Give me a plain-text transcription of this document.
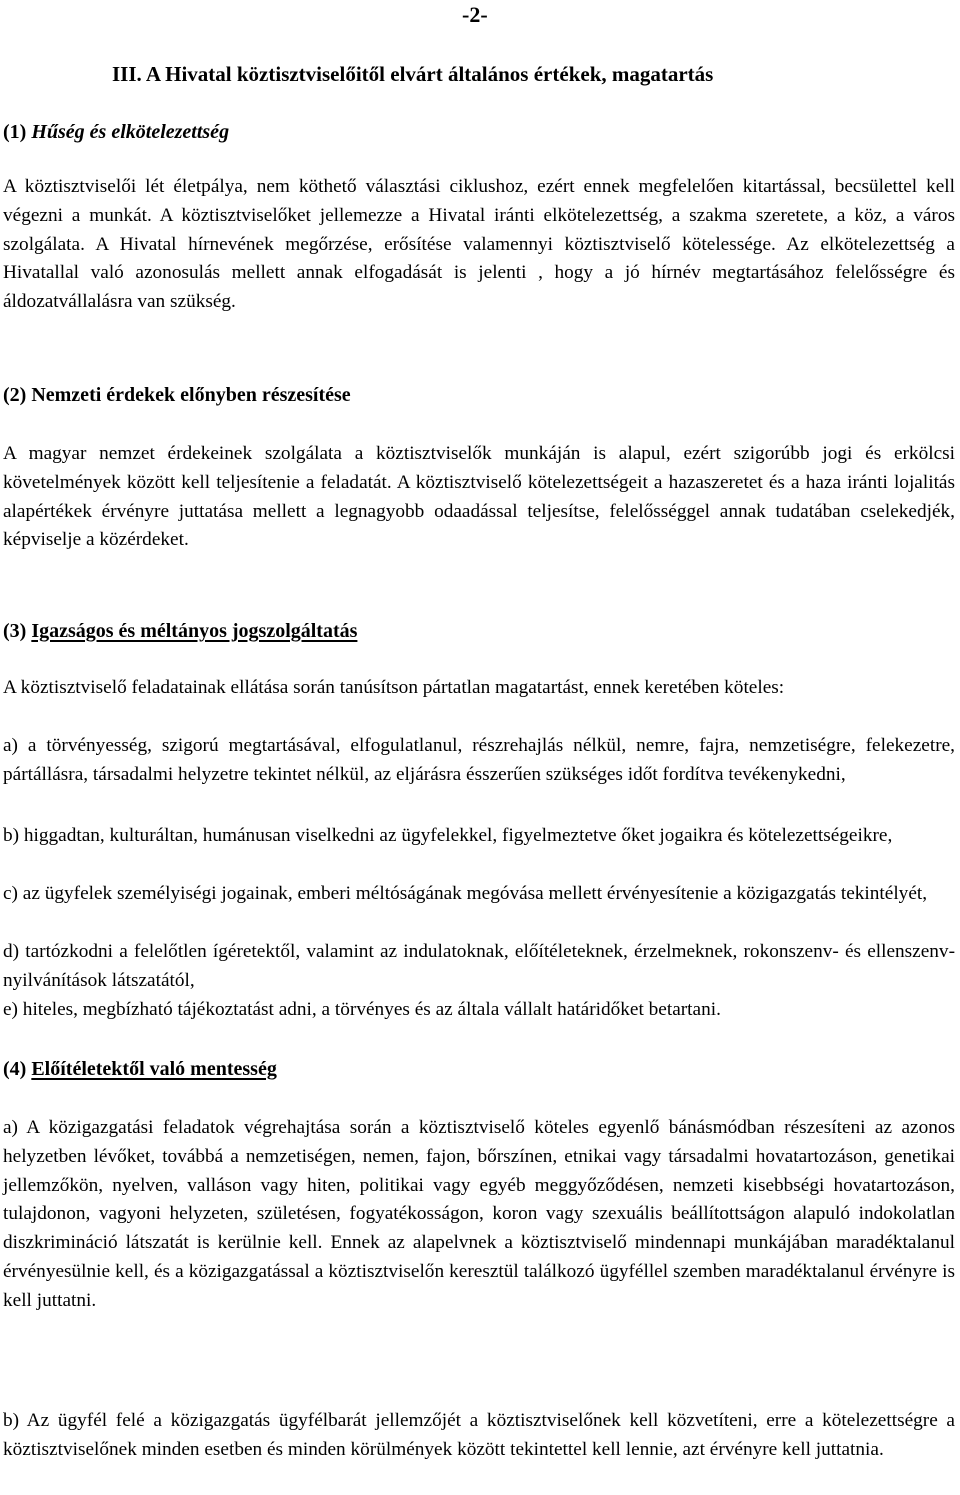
-2-
III. A Hivatal köztisztviselőitől elvárt általános értékek, magatartás
(1) Hűség és elkötelezettség
A köztisztviselői lét életpálya, nem köthető választási ciklushoz, ezért ennek megfelelően kitartással, becsülettel kell végezni a munkát. A köztisztviselőket jellemezze a Hivatal iránti elkötelezettség, a szakma szeretete, a köz, a város szolgálata. A Hivatal hírnevének megőrzése, erősítése valamennyi köztisztviselő kötelessége. Az elkötelezettség a Hivatallal való azonosulás mellett annak elfogadását is jelenti , hogy a jó hírnév megtartásához felelősségre és áldozatvállalásra van szükség.
(2) Nemzeti érdekek előnyben részesítése
A magyar nemzet érdekeinek szolgálata a köztisztviselők munkáján is alapul, ezért szigorúbb jogi és erkölcsi követelmények között kell teljesítenie a feladatát. A köztisztviselő kötelezettségeit a hazaszeretet és a haza iránti lojalitás alapértékek érvényre juttatása mellett a legnagyobb odaadással teljesítse, felelősséggel annak tudatában cselekedjék, képviselje a közérdeket.
(3) Igazságos és méltányos jogszolgáltatás
A köztisztviselő feladatainak ellátása során tanúsítson pártatlan magatartást, ennek keretében köteles:
a) a törvényesség, szigorú megtartásával, elfogulatlanul, részrehajlás nélkül, nemre, fajra, nemzetiségre, felekezetre, pártállásra, társadalmi helyzetre tekintet nélkül, az eljárásra ésszerűen szükséges időt fordítva tevékenykedni,
b) higgadtan, kulturáltan, humánusan viselkedni az ügyfelekkel, figyelmeztetve őket jogaikra és kötelezettségeikre,
c) az ügyfelek személyiségi jogainak, emberi méltóságának megóvása mellett érvényesítenie a közigazgatás tekintélyét,
d) tartózkodni a felelőtlen ígéretektől, valamint az indulatoknak, előítéleteknek, érzelmeknek, rokonszenv- és ellenszenv- nyilvánítások látszatától,
e) hiteles, megbízható tájékoztatást adni, a törvényes és az általa vállalt határidőket betartani.
(4) Előítéletektől való mentesség
a) A közigazgatási feladatok végrehajtása során a köztisztviselő köteles egyenlő bánásmódban részesíteni az azonos helyzetben lévőket, továbbá a nemzetiségen, nemen, fajon, bőrszínen, etnikai vagy társadalmi hovatartozáson, genetikai jellemzőkön, nyelven, valláson vagy hiten, politikai vagy egyéb meggyőződésen, nemzeti kisebbségi hovatartozáson, tulajdonon, vagyoni helyzeten, születésen, fogyatékosságon, koron vagy szexuális beállítottságon alapuló indokolatlan diszkrimináció látszatát is kerülnie kell. Ennek az alapelvnek a köztisztviselő mindennapi munkájában maradéktalanul érvényesülnie kell, és a közigazgatással a köztisztviselőn keresztül találkozó ügyféllel szemben maradéktalanul érvényre is kell juttatni.
b) Az ügyfél felé a közigazgatás ügyfélbarát jellemzőjét a köztisztviselőnek kell közvetíteni, erre a kötelezettségre a köztisztviselőnek minden esetben és minden körülmények között tekintettel kell lennie, azt érvényre kell juttatnia.
